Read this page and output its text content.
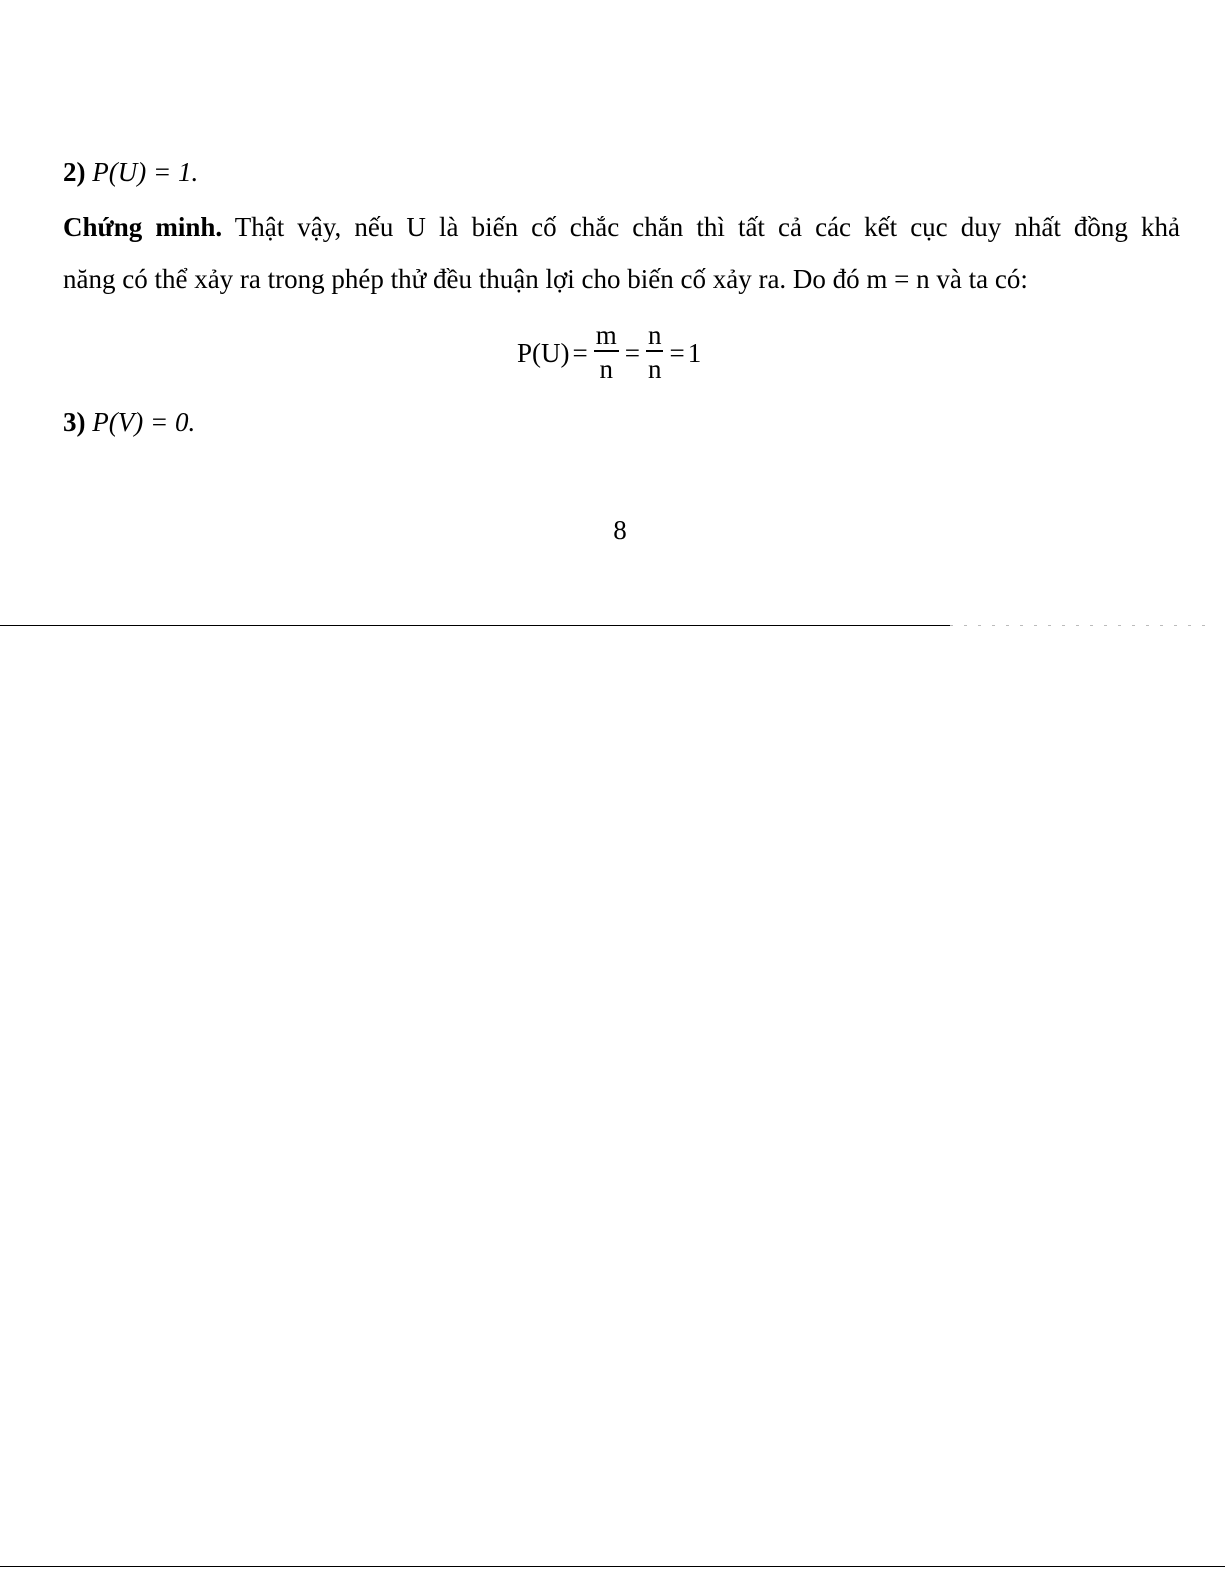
2) P(U) = 1.
Chứng minh. Thật vậy, nếu U là biến cố chắc chắn thì tất cả các kết cục duy nhất đồng khả
năng có thể xảy ra trong phép thử đều thuận lợi cho biến cố xảy ra. Do đó m = n và ta có:
$P(U) = \frac{m}{n} = \frac{n}{n} = 1$
3) P(V) = 0.
8
